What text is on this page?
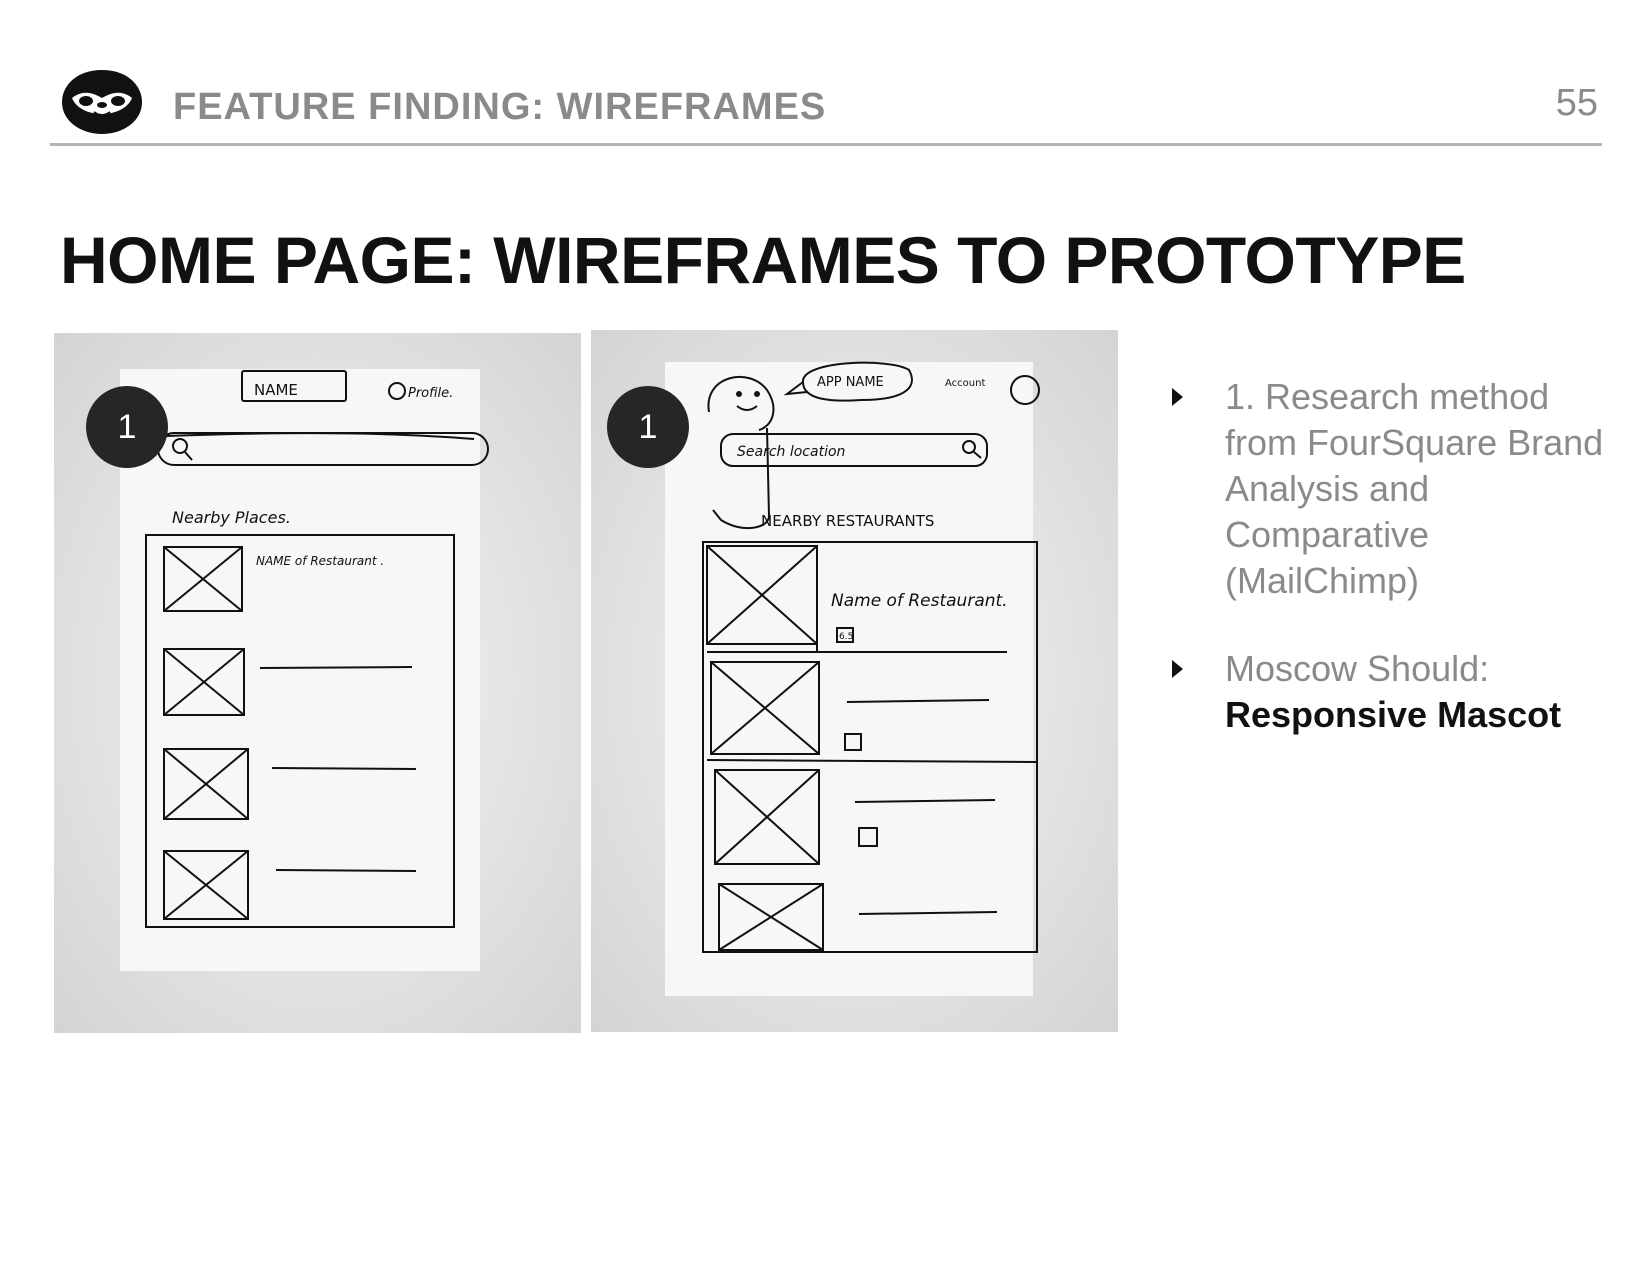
FEATURE FINDING: WIREFRAMES	55
HOME PAGE: WIREFRAMES TO PROTOTYPE
NAME	Profile.
Nearby Places.
NAME of Restaurant .
1
APP NAME	Account
Search location
NEARBY RESTAURANTS
Name of Restaurant.
6.5
1
1. Research method from FourSquare Brand Analysis and Comparative (MailChimp)
Moscow Should:
Responsive Mascot
